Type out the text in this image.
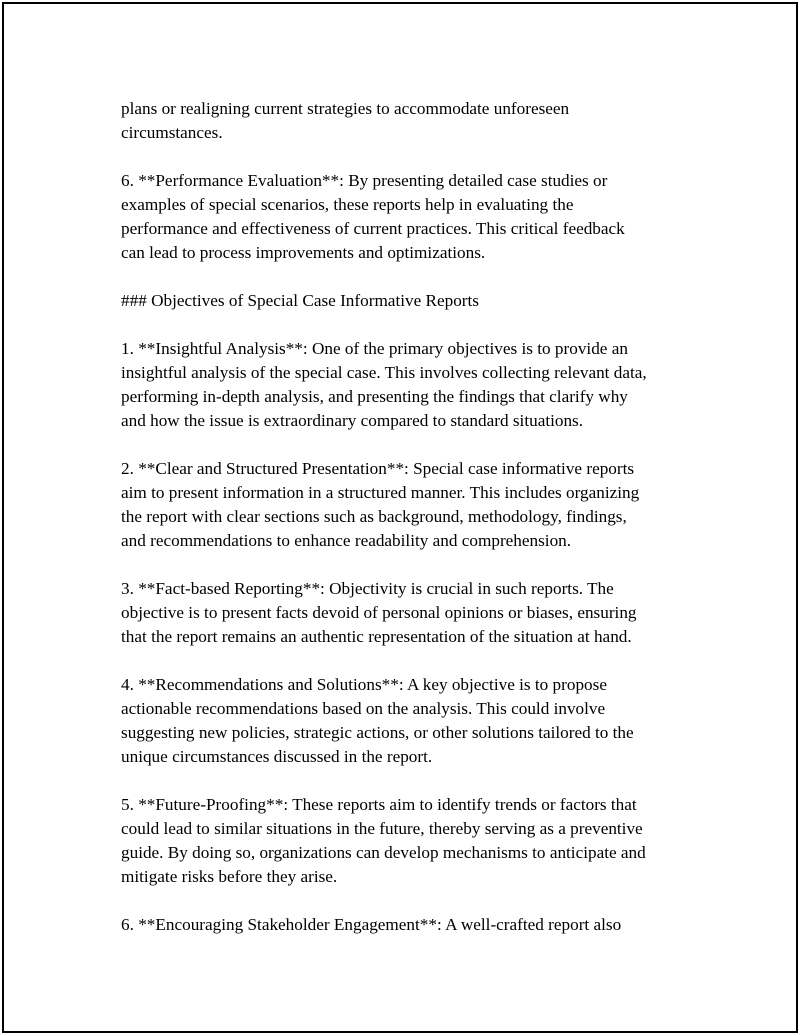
plans or realigning current strategies to accommodate unforeseen
circumstances.

6. **Performance Evaluation**: By presenting detailed case studies or
examples of special scenarios, these reports help in evaluating the
performance and effectiveness of current practices. This critical feedback
can lead to process improvements and optimizations.

### Objectives of Special Case Informative Reports

1. **Insightful Analysis**: One of the primary objectives is to provide an
insightful analysis of the special case. This involves collecting relevant data,
performing in-depth analysis, and presenting the findings that clarify why
and how the issue is extraordinary compared to standard situations.

2. **Clear and Structured Presentation**: Special case informative reports
aim to present information in a structured manner. This includes organizing
the report with clear sections such as background, methodology, findings,
and recommendations to enhance readability and comprehension.

3. **Fact-based Reporting**: Objectivity is crucial in such reports. The
objective is to present facts devoid of personal opinions or biases, ensuring
that the report remains an authentic representation of the situation at hand.

4. **Recommendations and Solutions**: A key objective is to propose
actionable recommendations based on the analysis. This could involve
suggesting new policies, strategic actions, or other solutions tailored to the
unique circumstances discussed in the report.

5. **Future-Proofing**: These reports aim to identify trends or factors that
could lead to similar situations in the future, thereby serving as a preventive
guide. By doing so, organizations can develop mechanisms to anticipate and
mitigate risks before they arise.

6. **Encouraging Stakeholder Engagement**: A well-crafted report also
